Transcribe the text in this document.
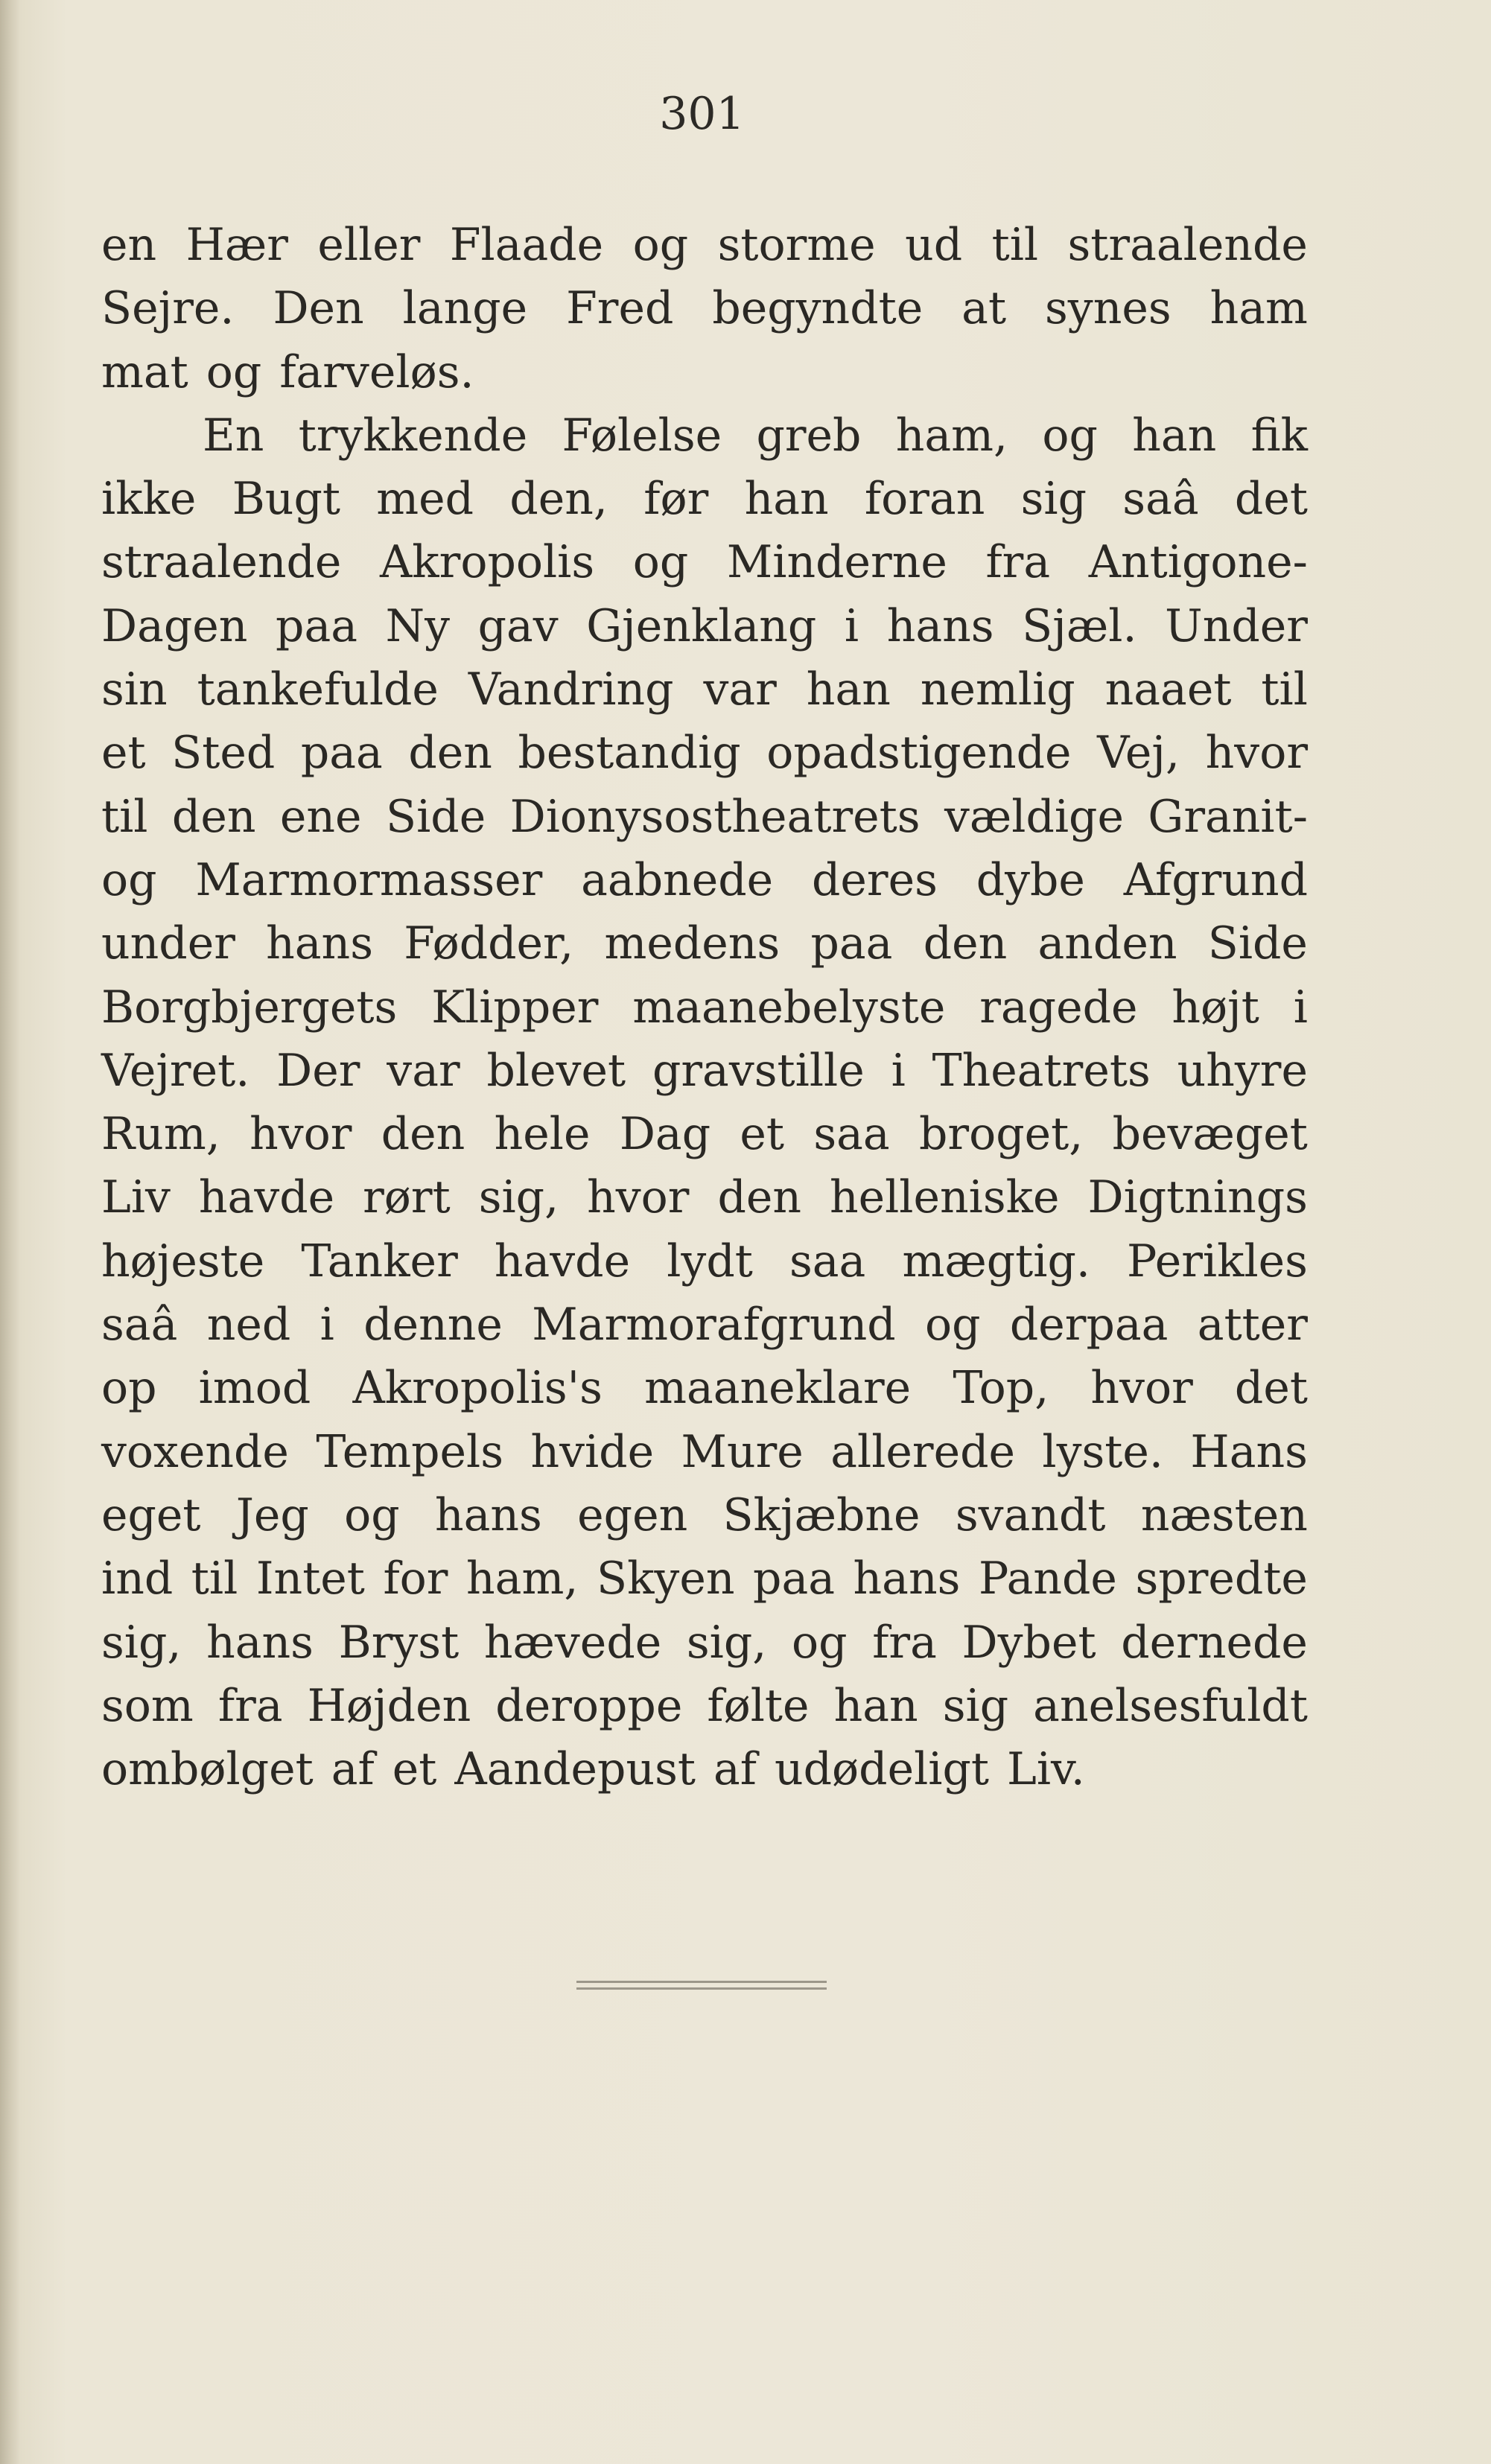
301
en Hær eller Flaade og storme ud til straalende
Sejre. Den lange Fred begyndte at synes ham
mat og farveløs.
En trykkende Følelse greb ham, og han fik
ikke Bugt med den, før han foran sig saâ det
straalende Akropolis og Minderne fra Antigone-
Dagen paa Ny gav Gjenklang i hans Sjæl. Under
sin tankefulde Vandring var han nemlig naaet til
et Sted paa den bestandig opadstigende Vej, hvor
til den ene Side Dionysostheatrets vældige Granit-
og Marmormasser aabnede deres dybe Afgrund
under hans Fødder, medens paa den anden Side
Borgbjergets Klipper maanebelyste ragede højt i
Vejret. Der var blevet gravstille i Theatrets uhyre
Rum, hvor den hele Dag et saa broget, bevæget
Liv havde rørt sig, hvor den helleniske Digtnings
højeste Tanker havde lydt saa mægtig. Perikles
saâ ned i denne Marmorafgrund og derpaa atter
op imod Akropolis's maaneklare Top, hvor det
voxende Tempels hvide Mure allerede lyste. Hans
eget Jeg og hans egen Skjæbne svandt næsten
ind til Intet for ham, Skyen paa hans Pande spredte
sig, hans Bryst hævede sig, og fra Dybet dernede
som fra Højden deroppe følte han sig anelsesfuldt
ombølget af et Aandepust af udødeligt Liv.
